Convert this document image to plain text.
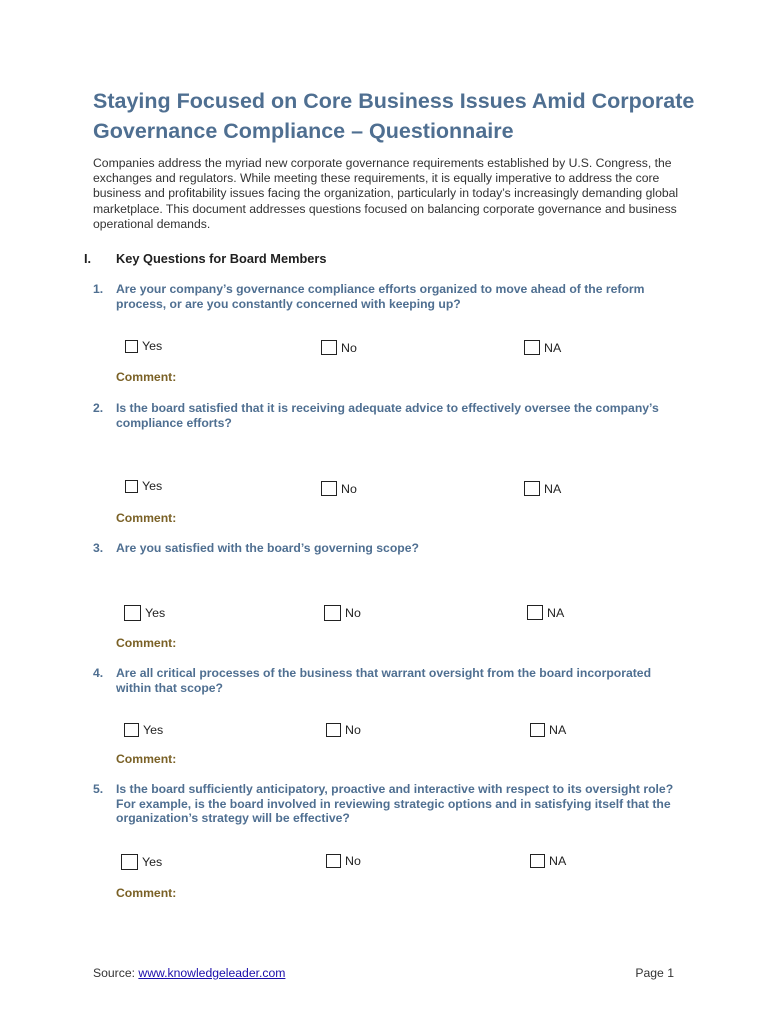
Staying Focused on Core Business Issues Amid Corporate Governance Compliance – Questionnaire

Companies address the myriad new corporate governance requirements established by U.S. Congress, the exchanges and regulators. While meeting these requirements, it is equally imperative to address the core business and profitability issues facing the organization, particularly in today’s increasingly demanding global marketplace. This document addresses questions focused on balancing corporate governance and business operational demands.

I. Key Questions for Board Members
1. Are your company’s governance compliance efforts organized to move ahead of the reform process, or are you constantly concerned with keeping up?
Yes	No	NA
Comment:
2. Is the board satisfied that it is receiving adequate advice to effectively oversee the company’s compliance efforts?
Yes	No	NA
Comment:
3. Are you satisfied with the board’s governing scope?
Yes	No	NA
Comment:
4. Are all critical processes of the business that warrant oversight from the board incorporated within that scope?
Yes	No	NA
Comment:
5. Is the board sufficiently anticipatory, proactive and interactive with respect to its oversight role? For example, is the board involved in reviewing strategic options and in satisfying itself that the organization’s strategy will be effective?
Yes	No	NA
Comment:
Source: www.knowledgeleader.com	Page 1
